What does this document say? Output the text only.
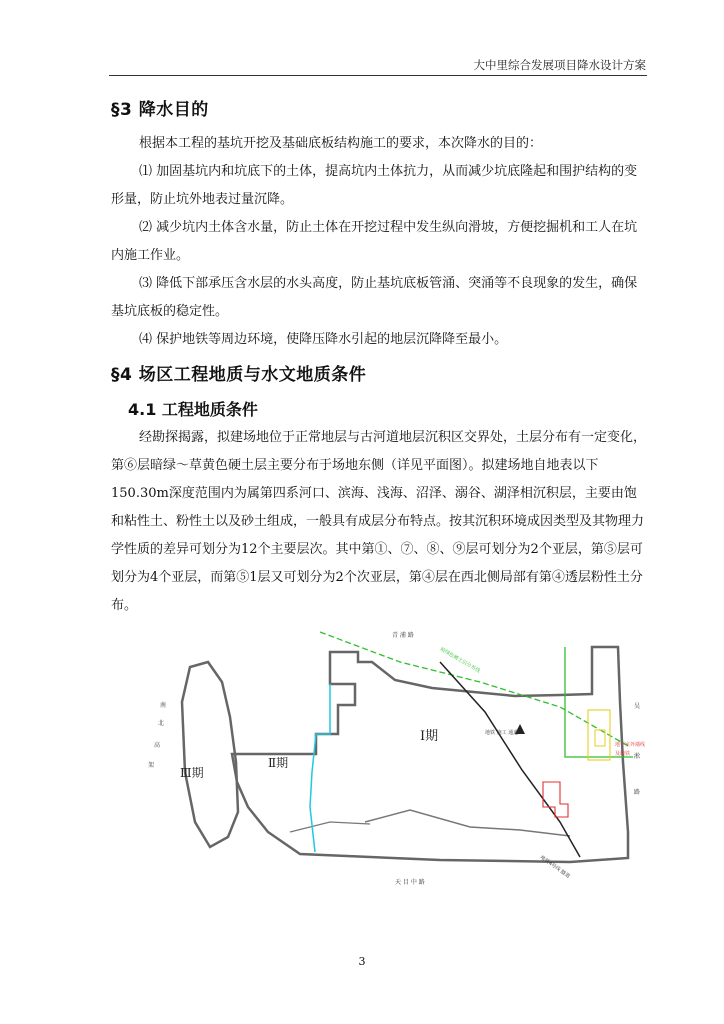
大中里综合发展项目降水设计方案
§3 降水目的

根据本工程的基坑开挖及基础底板结构施工的要求，本次降水的目的：

⑴ 加固基坑内和坑底下的土体，提高坑内土体抗力，从而减少坑底隆起和围护结构的变形量，防止坑外地表过量沉降。

⑵ 减少坑内土体含水量，防止土体在开挖过程中发生纵向滑坡，方便挖掘机和工人在坑内施工作业。

⑶ 降低下部承压含水层的水头高度，防止基坑底板管涌、突涌等不良现象的发生，确保基坑底板的稳定性。

⑷ 保护地铁等周边环境，使降压降水引起的地层沉降降至最小。

§4 场区工程地质与水文地质条件
4.1 工程地质条件

经勘探揭露，拟建场地位于正常地层与古河道地层沉积区交界处，土层分布有一定变化，第⑥层暗绿～草黄色硬土层主要分布于场地东侧（详见平面图）。拟建场地自地表以下150.30m深度范围内为属第四系河口、滨海、浅海、沼泽、溺谷、湖泽相沉积层，主要由饱和粘性土、粉性土以及砂土组成，一般具有成层分布特点。按其沉积环境成因类型及其物理力学性质的差异可划分为12个主要层次。其中第①、⑦、⑧、⑨层可划分为2个亚层，第⑤层可划分为4个亚层，而第⑤1层又可划分为2个次亚层，第④层在西北侧局部有第④透层粉性土分布。

Ⅰ期
Ⅱ期
Ⅲ期
青 浦 路
天 目 中 路
南
北
高
架
吴
淞
路
暗绿色硬土层分布线
地铁 施工 通道
地下室外墙线
及地铁
地铁4号线 隧道
3
